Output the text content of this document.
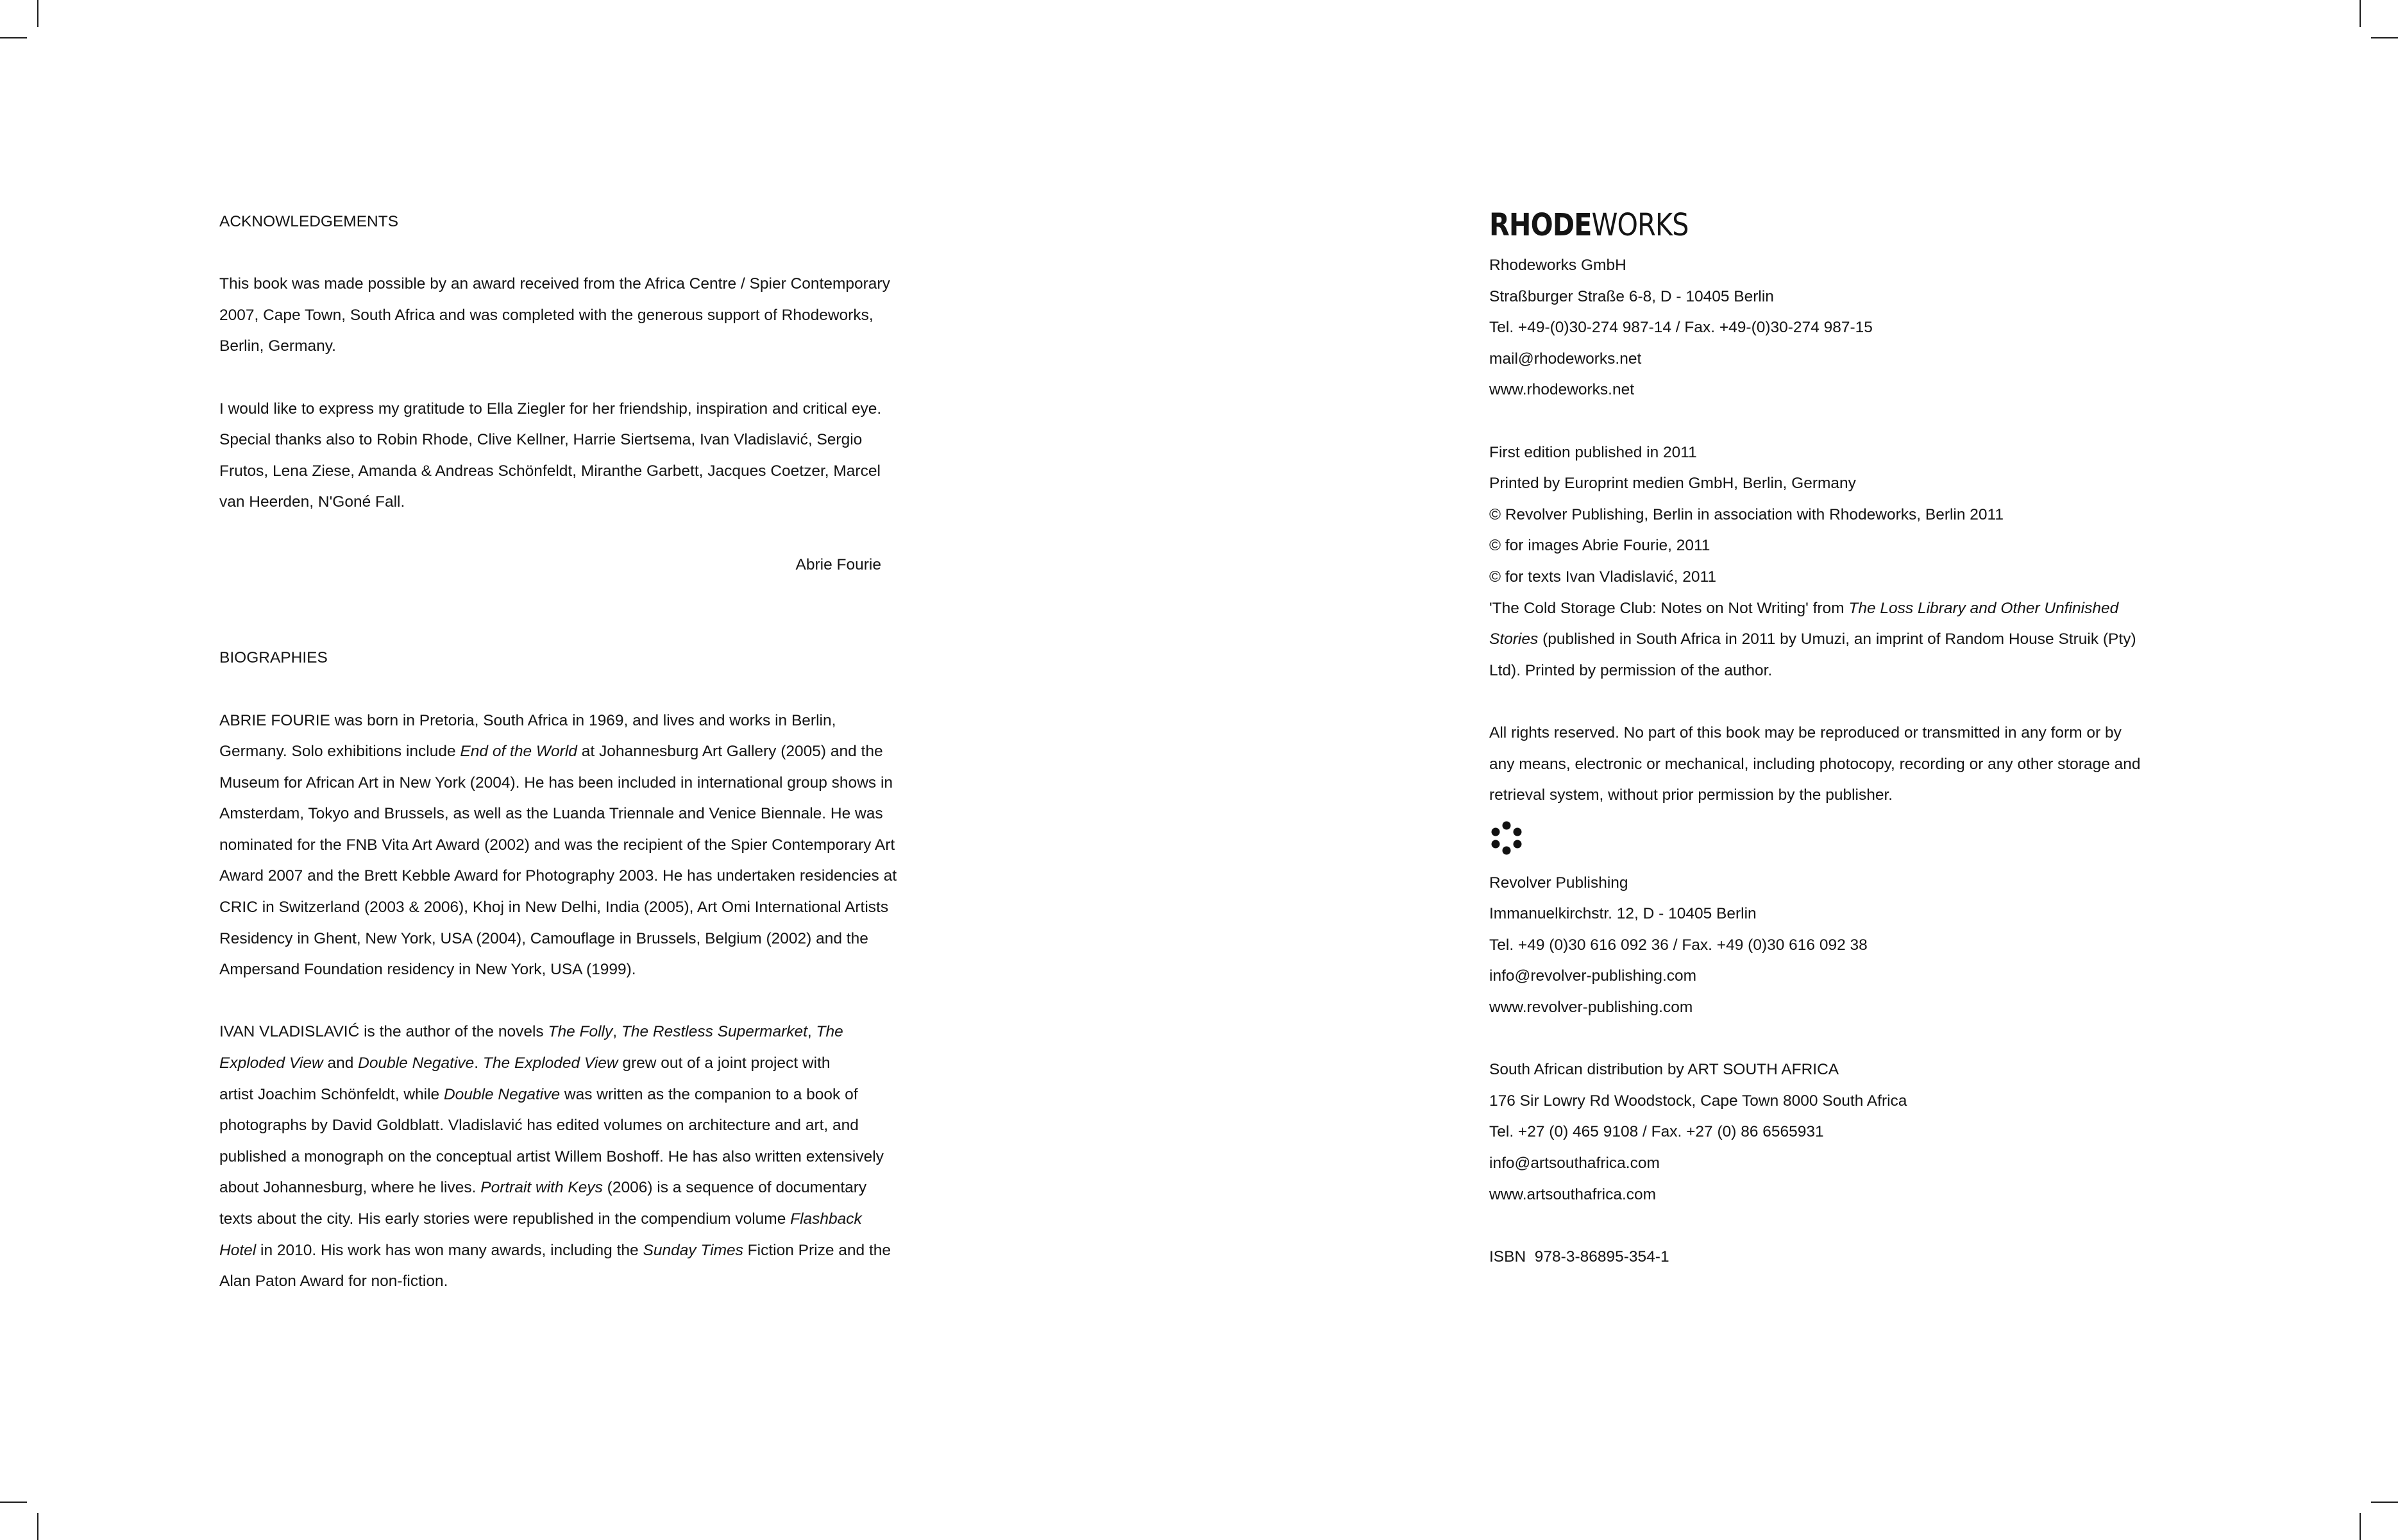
ACKNOWLEDGEMENTS

This book was made possible by an award received from the Africa Centre / Spier Contemporary

2007, Cape Town, South Africa and was completed with the generous support of Rhodeworks,

Berlin, Germany.

I would like to express my gratitude to Ella Ziegler for her friendship, inspiration and critical eye.

Special thanks also to Robin Rhode, Clive Kellner, Harrie Siertsema, Ivan Vladislavić, Sergio

Frutos, Lena Ziese, Amanda & Andreas Schönfeldt, Miranthe Garbett, Jacques Coetzer, Marcel

van Heerden, N'Goné Fall.

Abrie Fourie

BIOGRAPHIES

ABRIE FOURIE was born in Pretoria, South Africa in 1969, and lives and works in Berlin,

Germany. Solo exhibitions include End of the World at Johannesburg Art Gallery (2005) and the

Museum for African Art in New York (2004). He has been included in international group shows in

Amsterdam, Tokyo and Brussels, as well as the Luanda Triennale and Venice Biennale. He was

nominated for the FNB Vita Art Award (2002) and was the recipient of the Spier Contemporary Art

Award 2007 and the Brett Kebble Award for Photography 2003. He has undertaken residencies at

CRIC in Switzerland (2003 & 2006), Khoj in New Delhi, India (2005), Art Omi International Artists

Residency in Ghent, New York, USA (2004), Camouflage in Brussels, Belgium (2002) and the

Ampersand Foundation residency in New York, USA (1999).

IVAN VLADISLAVIĆ is the author of the novels The Folly, The Restless Supermarket, The

Exploded View and Double Negative. The Exploded View grew out of a joint project with

artist Joachim Schönfeldt, while Double Negative was written as the companion to a book of

photographs by David Goldblatt. Vladislavić has edited volumes on architecture and art, and

published a monograph on the conceptual artist Willem Boshoff. He has also written extensively

about Johannesburg, where he lives. Portrait with Keys (2006) is a sequence of documentary

texts about the city. His early stories were republished in the compendium volume Flashback

Hotel in 2010. His work has won many awards, including the Sunday Times Fiction Prize and the

Alan Paton Award for non-fiction.

RHODEWORKS

Rhodeworks GmbH

Straßburger Straße 6-8, D - 10405 Berlin

Tel. +49-(0)30-274 987-14 / Fax. +49-(0)30-274 987-15

mail@rhodeworks.net

www.rhodeworks.net

First edition published in 2011

Printed by Europrint medien GmbH, Berlin, Germany

© Revolver Publishing, Berlin in association with Rhodeworks, Berlin 2011

© for images Abrie Fourie, 2011

© for texts Ivan Vladislavić, 2011

'The Cold Storage Club: Notes on Not Writing' from The Loss Library and Other Unfinished

Stories (published in South Africa in 2011 by Umuzi, an imprint of Random House Struik (Pty)

Ltd). Printed by permission of the author.

All rights reserved. No part of this book may be reproduced or transmitted in any form or by

any means, electronic or mechanical, including photocopy, recording or any other storage and

retrieval system, without prior permission by the publisher.

Revolver Publishing

Immanuelkirchstr. 12, D - 10405 Berlin

Tel. +49 (0)30 616 092 36 / Fax. +49 (0)30 616 092 38

info@revolver-publishing.com

www.revolver-publishing.com

South African distribution by ART SOUTH AFRICA

176 Sir Lowry Rd Woodstock, Cape Town 8000 South Africa

Tel. +27 (0) 465 9108 / Fax. +27 (0) 86 6565931

info@artsouthafrica.com

www.artsouthafrica.com

ISBN  978-3-86895-354-1
